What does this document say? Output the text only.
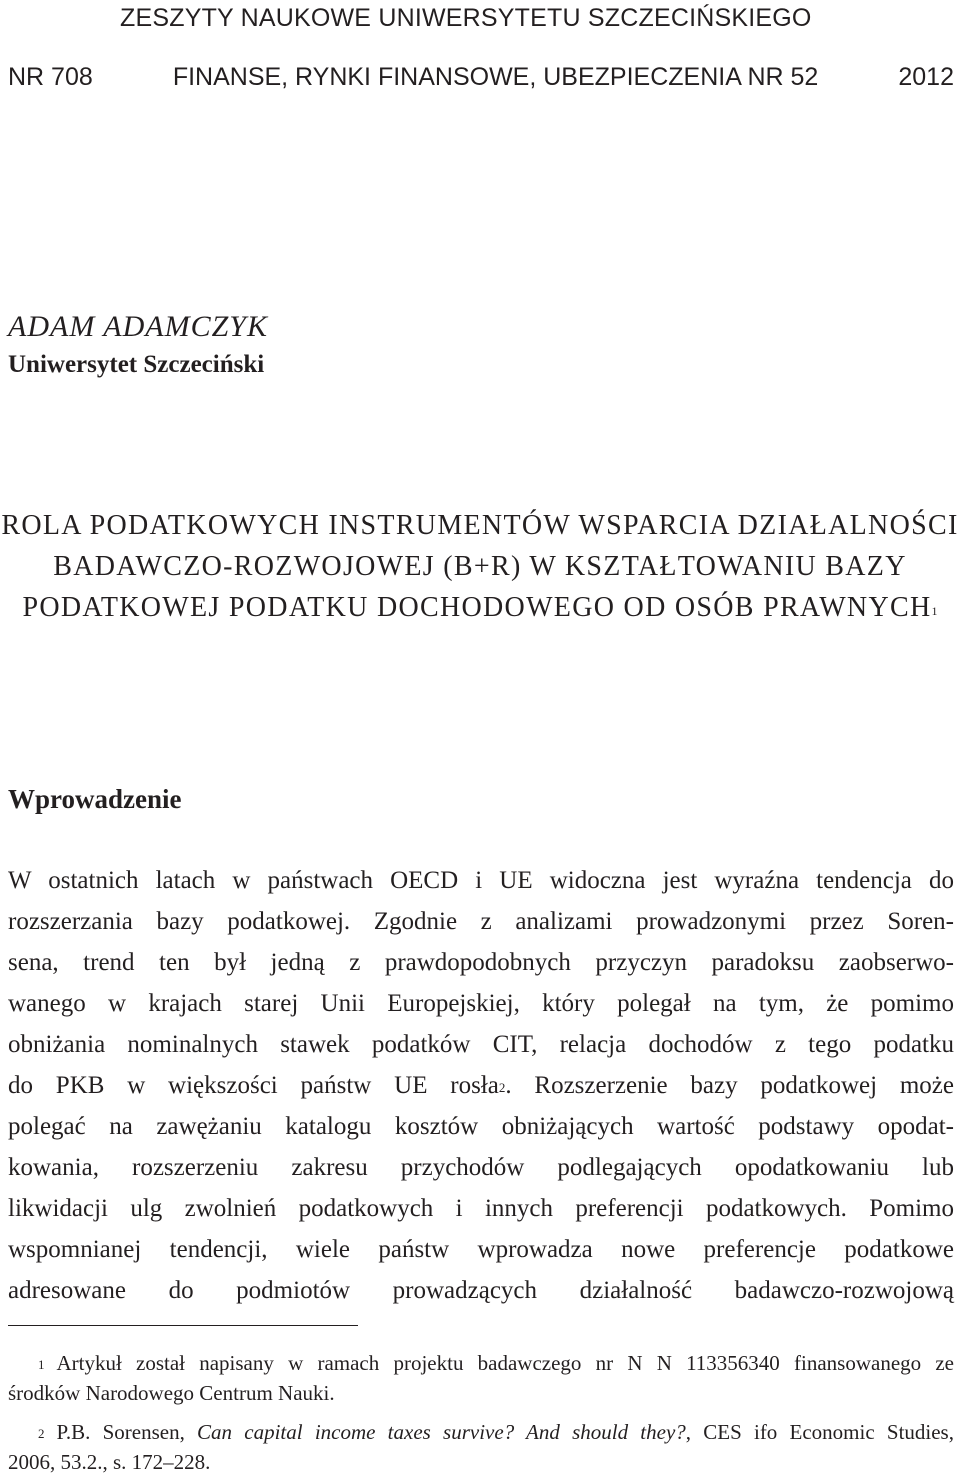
ZESZYTY NAUKOWE UNIWERSYTETU SZCZECIŃSKIEGO
NR 708	FINANSE, RYNKI FINANSOWE, UBEZPIECZENIA NR 52	2012
ADAM ADAMCZYK
Uniwersytet Szczeciński
ROLA PODATKOWYCH INSTRUMENTÓW WSPARCIA DZIAŁALNOŚCI
BADAWCZO-ROZWOJOWEJ (B+R) W KSZTAŁTOWANIU BAZY
PODATKOWEJ PODATKU DOCHODOWEGO OD OSÓB PRAWNYCH$^1$
Wprowadzenie
W ostatnich latach w państwach OECD i UE widoczna jest wyraźna tendencja do
rozszerzania bazy podatkowej. Zgodnie z analizami prowadzonymi przez Soren-
sena, trend ten był jedną z prawdopodobnych przyczyn paradoksu zaobserwo-
wanego w krajach starej Unii Europejskiej, który polegał na tym, że pomimo
obniżania nominalnych stawek podatków CIT, relacja dochodów z tego podatku
do PKB w większości państw UE rosła$^2$. Rozszerzenie bazy podatkowej może
polegać na zawężaniu katalogu kosztów obniżających wartość podstawy opodat-
kowania, rozszerzeniu zakresu przychodów podlegających opodatkowaniu lub
likwidacji ulg zwolnień podatkowych i innych preferencji podatkowych. Pomimo
wspomnianej tendencji, wiele państw wprowadza nowe preferencje podatkowe
adresowane do podmiotów prowadzących działalność badawczo-rozwojową
$^1$ Artykuł został napisany w ramach projektu badawczego nr N N 113356340 finansowanego ze
środków Narodowego Centrum Nauki.
$^2$ P.B. Sorensen, Can capital income taxes survive? And should they?, CES ifo Economic Studies,
2006, 53.2., s. 172–228.
